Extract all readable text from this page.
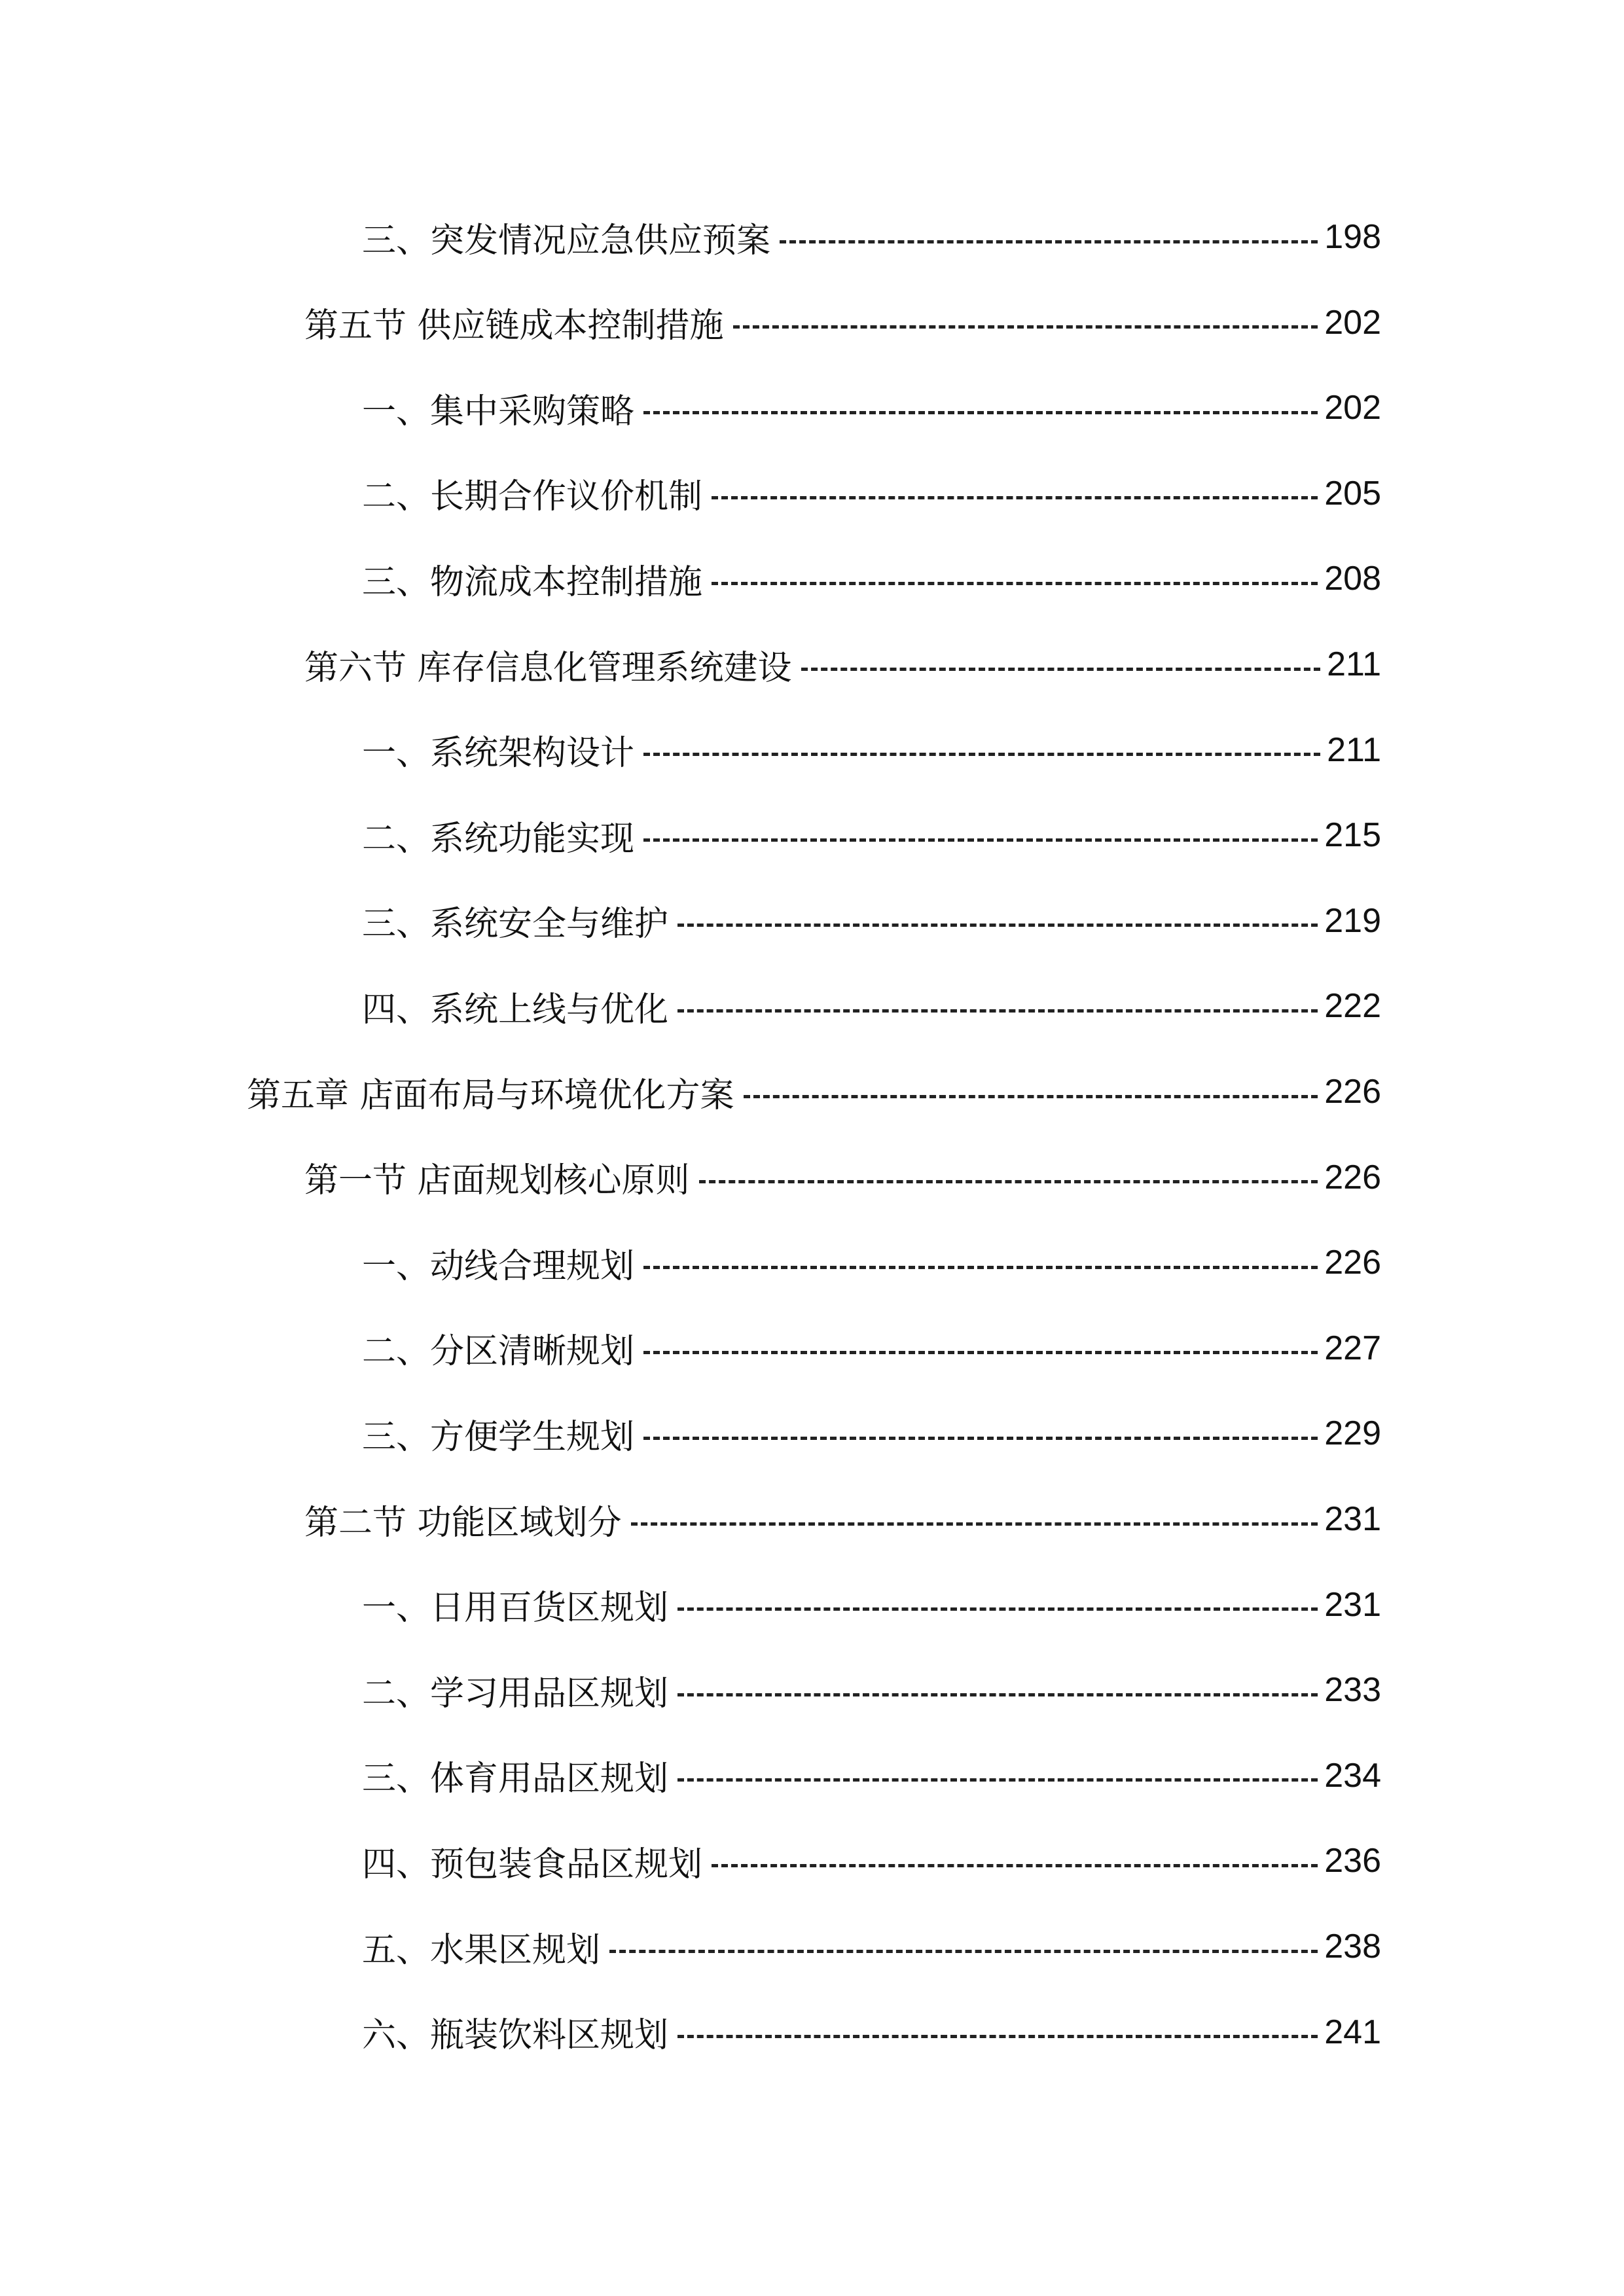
三、突发情况应急供应预案	198
第五节 供应链成本控制措施	202
一、集中采购策略	202
二、长期合作议价机制	205
三、物流成本控制措施	208
第六节 库存信息化管理系统建设	211
一、系统架构设计	211
二、系统功能实现	215
三、系统安全与维护	219
四、系统上线与优化	222
第五章 店面布局与环境优化方案	226
第一节 店面规划核心原则	226
一、动线合理规划	226
二、分区清晰规划	227
三、方便学生规划	229
第二节 功能区域划分	231
一、日用百货区规划	231
二、学习用品区规划	233
三、体育用品区规划	234
四、预包装食品区规划	236
五、水果区规划	238
六、瓶装饮料区规划	241
